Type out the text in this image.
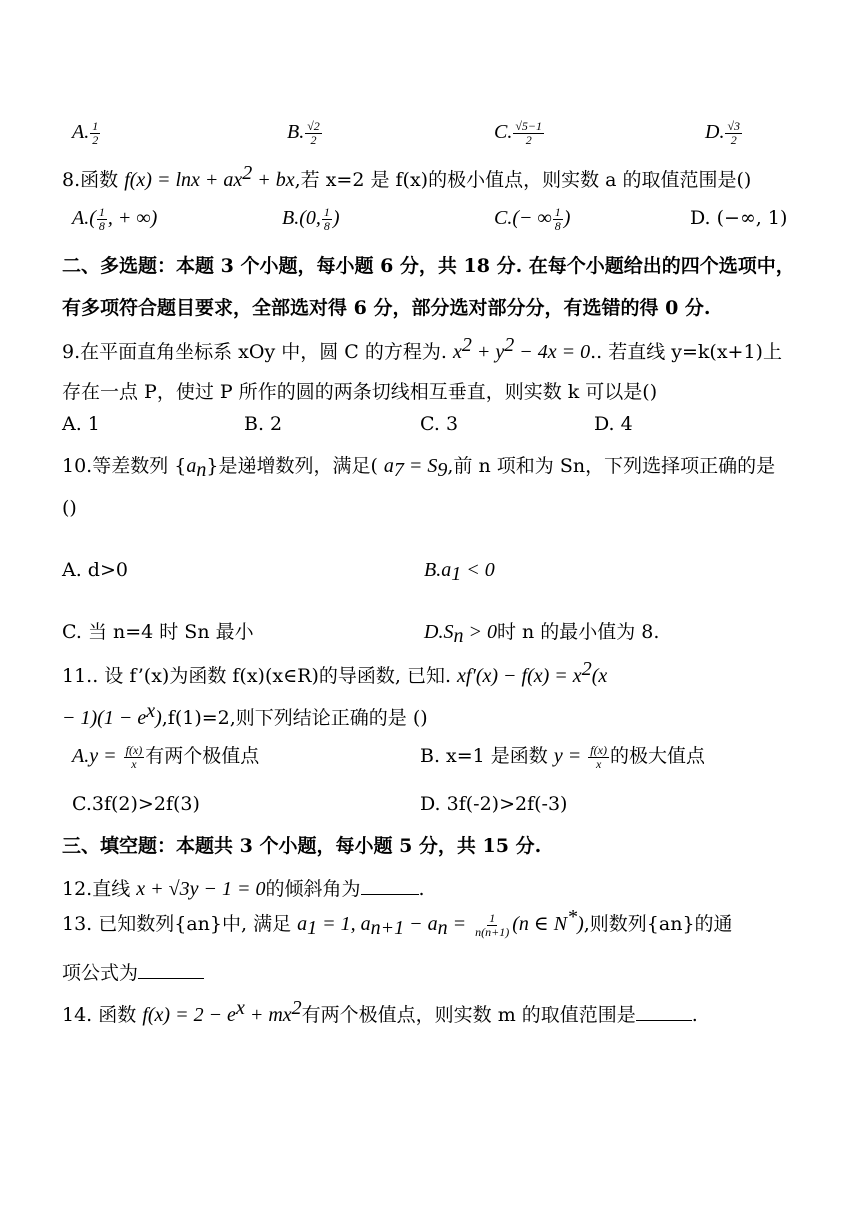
A. $\frac{1}{2}$	B. $\frac{√2}{2}$	C. $\frac{√5-1}{2}$	D. $\frac{√3}{2}$
8.函数 $f(x) = \ln x + ax^2$ + bx,若 x=2 是 f(x)的极小值点，则实数 a 的取值范围是()
$A.( \frac{1}{8}$ , + ∞)	B.(0, $\frac{1}{8}$ )	C.(− ∞ $\frac{1}{8}$ )	D. (−∞, 1)
二、多选题：本题 3 个小题，每小题 6 分，共 18 分. 在每个小题给出的四个选项中，
有多项符合题目要求，全部选对得 6 分，部分选对部分分，有选错的得 0 分.
9.在平面直角坐标系 xOy 中，圆 C 的方程为. $x^2 + y^2 - 4x = 0$.. 若直线 y=k(x+1)上
存在一点 P，使过 P 所作的圆的两条切线相互垂直，则实数 k 可以是()
A. 1	B. 2	C. 3	D. 4
10.等差数列 $\{a_n\}$是递增数列，满足( $a_7 = S_9$,前 n 项和为 Sn，下列选择项正确的是
()
A. d>0	$B.a_1 < 0$
C. 当 n=4 时 Sn 最小	$D.S_n > 0$时 n 的最小值为 8.
11.. 设 f’(x)为函数 f(x)(x∈R)的导函数, 已知. $xf'(x) - f(x) = x^2(x$
− $1)(1 - e^x),f(1)=2$,则下列结论正确的是 ()
$A.y = \frac{f(x)}{x}$ 有两个极值点	B. x=1 是函数 $y = \frac{f(x)}{x}$ 的极大值点
C.3f(2)>2f(3)	D. 3f(-2)>2f(-3)
三、填空题：本题共 3 个小题，每小题 5 分，共 15 分.
12.直线 x + √3y − 1 = 0的倾斜角为	.
13. 已知数列{an}中, 满足 $a_1 = 1$, $a_{n+1} - a_n = \frac{1}{n(n+1)} (n$ ∈ N*),则数列{an}的通
项公式为
14. 函数 $f(x) = 2 - e^x + mx^2$有两个极值点，则实数 m 的取值范围是	.
